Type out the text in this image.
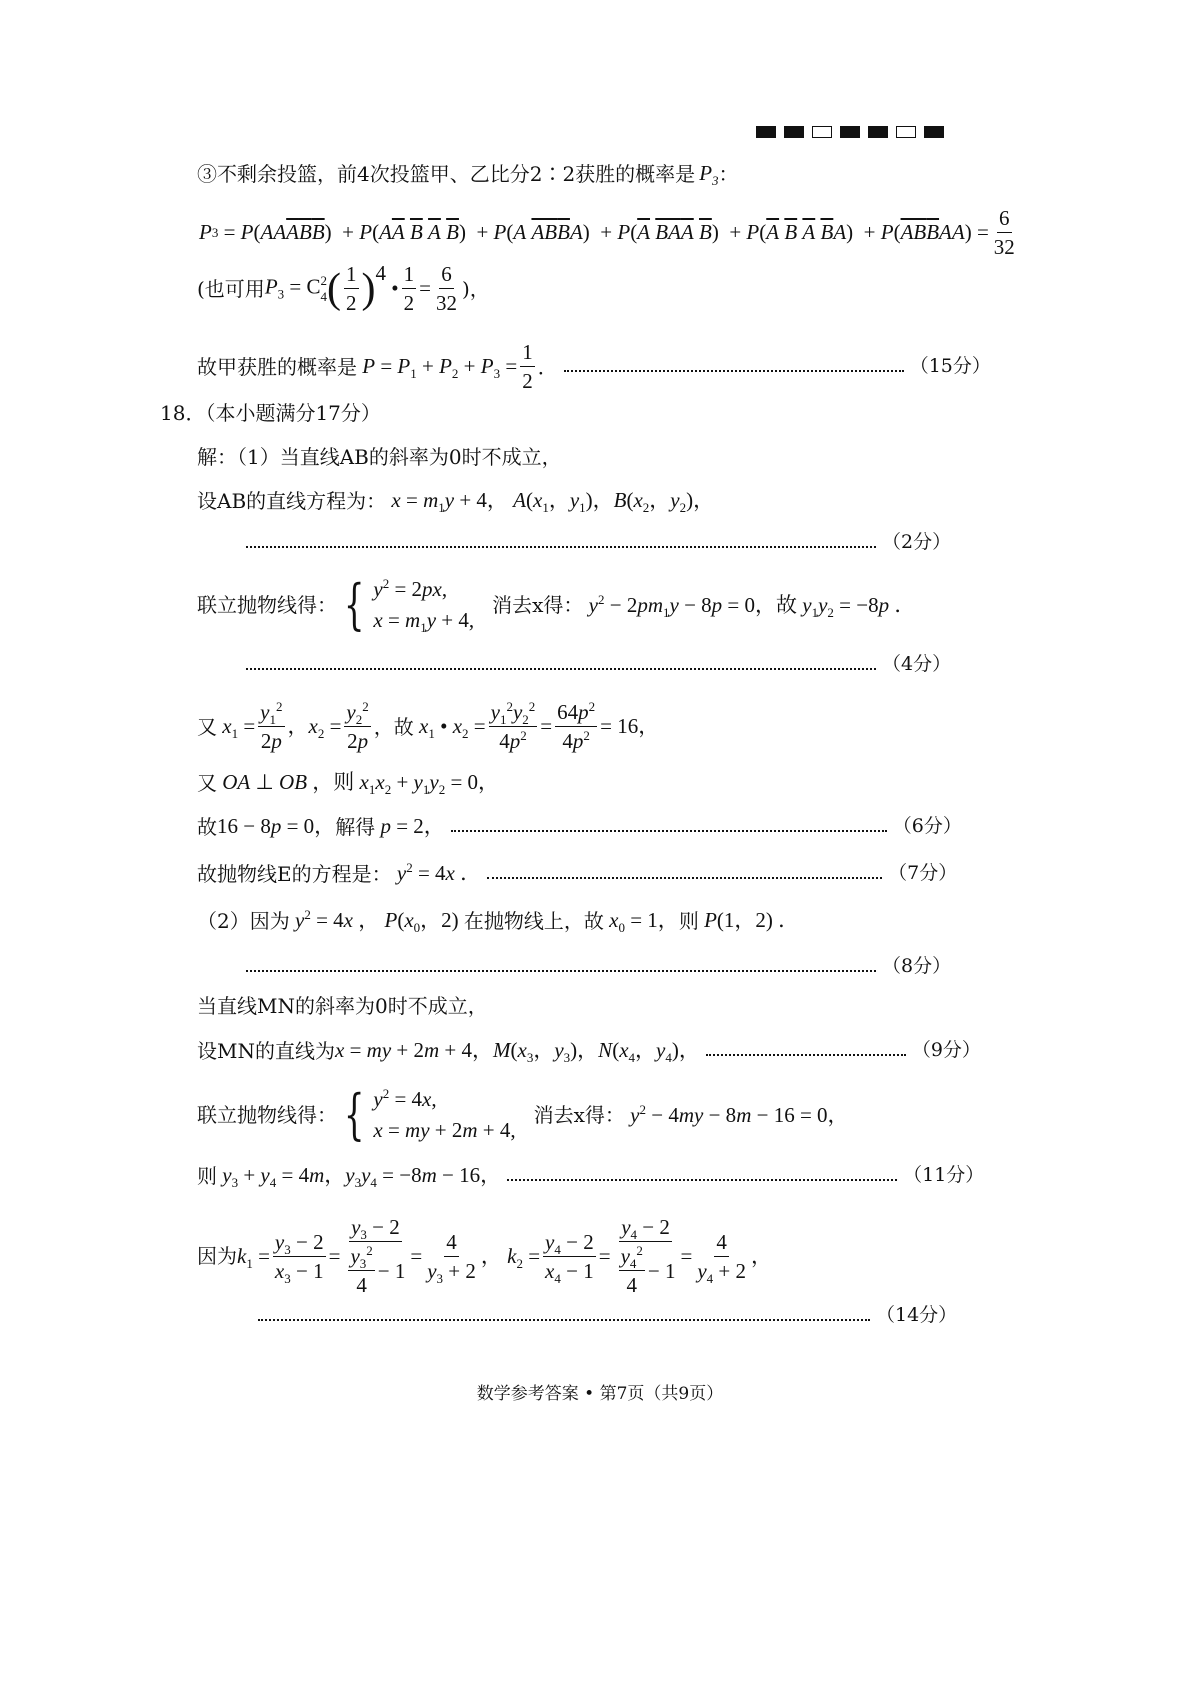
③不剩余投篮，前4次投篮甲、乙比分2∶2获胜的概率是 $P_3$ ：
P 3 = P ( $AA\overline{A}\overline{B}\overline{B}$ )  + P ( $A\overline{A}$ $\overline{B}$ $\overline{A}$ $\overline{B}$ )  + P ( A $\overline{AB}\overline{B}A$ )  + P ( $\overline{A}$ $\overline{BA}\overline{A}$ $\overline{B}$ )  + P ( $\overline{A}$ $\overline{B}$ $\overline{A}$ $\overline{B}A$ )  + P ( $\overline{AB}\overline{B}AA$ ) = $\frac{6}{32}$
(也可用 $P_3 = C$ 2
4 ( $\frac{1}{2} )^4$
• $\frac{1}{2} = \frac{6}{32}$ )，
故甲获胜的概率是 $P = P_1 + P_2 + P_3 = \frac{1}{2}$ ．	（15分）
18．（本小题满分17分）
解：（1）当直线AB的斜率为0时不成立，
设AB的直线方程为： $x = m_1y + 4$， $A(x_1$，$y_1$)，$B(x_2$，$y_2$)，
（2分）
联立抛物线得： { $y^2 = 2px$,
$x = m_1y + 4$,
消去x得： $y^2 - 2pm_1y - 8p = 0$，故 $y_1y_2 = -8p$ ．
（4分）
又 $x_1 = \frac{y_1^2}{2p}$ ，$x_2 = \frac{y_2^2}{2p}$ ，故 $x_1$ • $x_2 = \frac{y_1^2y_2^2}{4p^2} = \frac{64p^2}{4p^2} = 16$，
又 OA ⊥ OB ，则 $x_1x_2 + y_1y_2 = 0$，
故 16 − 8p = 0， 解得 p = 2，	（6分）
故抛物线E的方程是： $y^2 = 4x$ ．	（7分）
（2）因为 $y^2 = 4x$ ， $P(x_0$，2) 在抛物线上，故 $x_0 = 1$， 则 P(1，2) ．
（8分）
当直线MN的斜率为0时不成立，
设MN的直线为 x = my + 2m + 4，$M(x_3$，$y_3$)，$N(x_4$，$y_4$)，	（9分）
联立抛物线得： { $y^2 = 4x$,
x = my + 2m + 4,
消去x得： $y^2 - 4my - 8m - 16 = 0$，
则 $y_3 + y_4 = 4m$，$y_3y_4 = -8m - 16$，	（11分）
因为 $k_1 = \frac{y_3 - 2}{x_3 - 1} = \frac{y_3 - 2}{\frac{y_3^2}{4} - 1} = \frac{4}{y_3 + 2}$ ， $k_2 = \frac{y_4 - 2}{x_4 - 1} = \frac{y_4 - 2}{\frac{y_4^2}{4} - 1} = \frac{4}{y_4 + 2}$ ，
（14分）
数学参考答案 • 第7页（共9页）
